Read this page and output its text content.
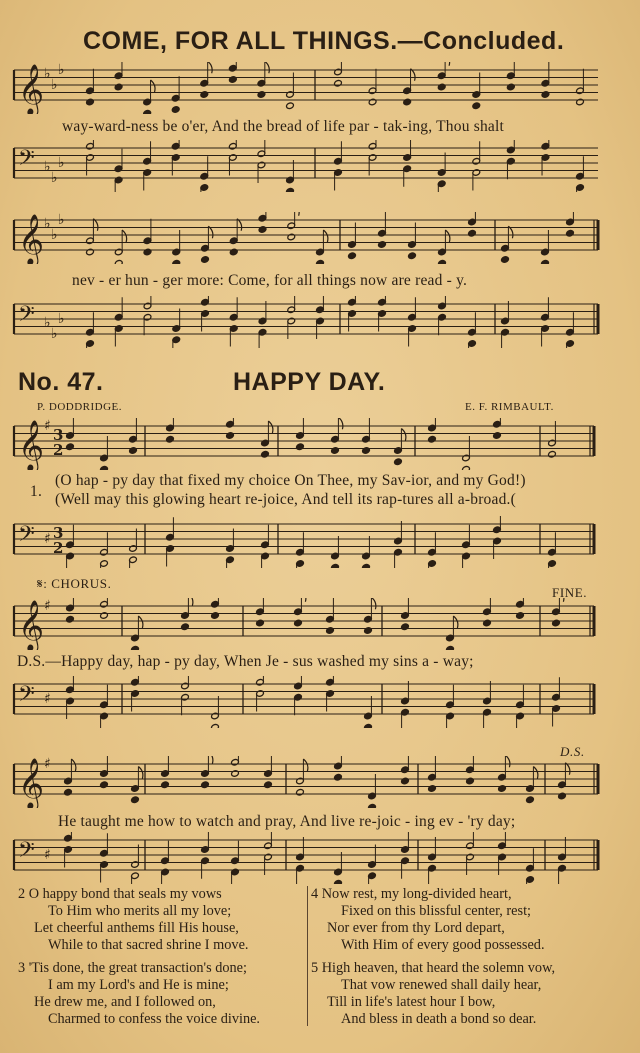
COME, FOR ALL THINGS.—Concluded.
𝄞 ♭
♭
♭
way-ward-ness be o'er, And the bread of life par - tak-ing, Thou shalt
𝄢 ♭
♭
♭
𝄞 ♭
♭
♭
nev - er hun - ger more: Come, for all things now are read - y.
𝄢 ♭
♭
♭
No. 47.	HAPPY DAY.
P. DODDRIDGE.	E. F. RIMBAULT.
𝄞 ♯ 3
2
1.
(O hap - py day that fixed my choice On Thee, my Sav-ior, and my God!)
(Well may this glowing heart re-joice, And tell its rap-tures all a-broad.(
𝄢 ♯ 3
2
𝄋: CHORUS.
FINE.
𝄞 ♯
D.S.—Happy day, hap - py day, When Je - sus washed my sins a - way;
𝄢 ♯
D.S.
𝄞 ♯
He taught me how to watch and pray, And live re-joic - ing ev - 'ry day;
𝄢 ♯
2 O happy bond that seals my vows
To Him who merits all my love;
Let cheerful anthems fill His house,
While to that sacred shrine I move.
3 'Tis done, the great transaction's done;
I am my Lord's and He is mine;
He drew me, and I followed on,
Charmed to confess the voice divine.
4 Now rest, my long-divided heart,
Fixed on this blissful center, rest;
Nor ever from thy Lord depart,
With Him of every good possessed.
5 High heaven, that heard the solemn vow,
That vow renewed shall daily hear,
Till in life's latest hour I bow,
And bless in death a bond so dear.
